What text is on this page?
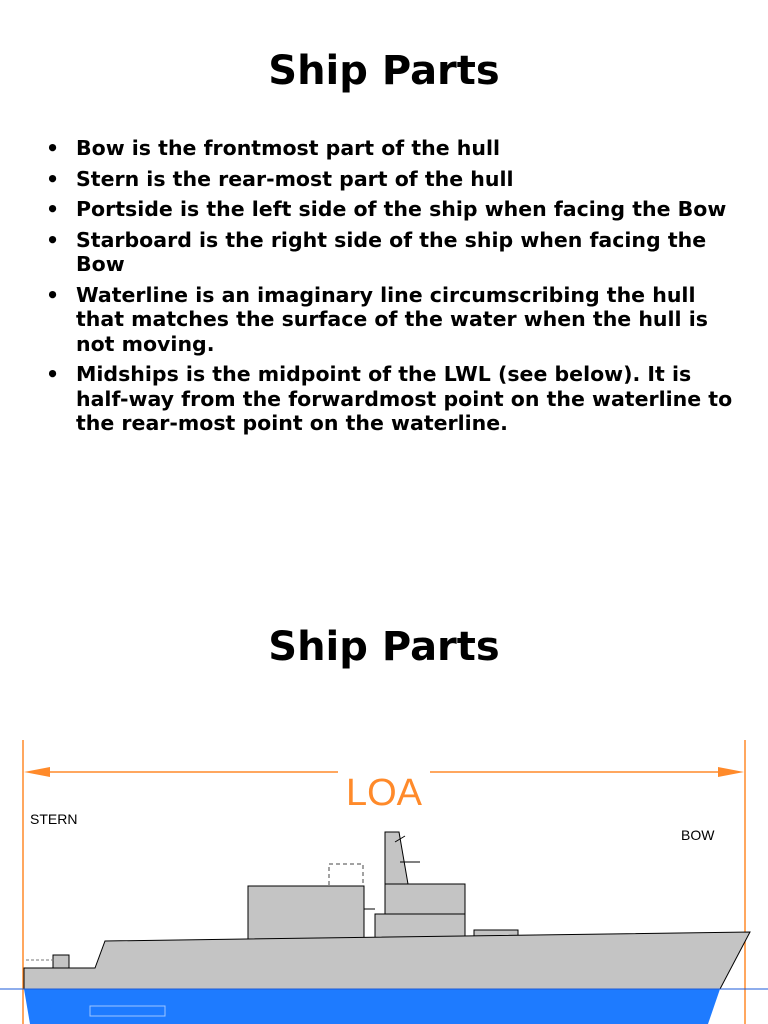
Ship Parts
• Bow is the frontmost part of the hull
• Stern is the rear-most part of the hull
• Portside is the left side of the ship when facing the Bow
• Starboard is the right side of the ship when facing the Bow
• Waterline is an imaginary line circumscribing the hull that matches the surface of the water when the hull is not moving.
• Midships is the midpoint of the LWL (see below). It is half-way from the forwardmost point on the waterline to the rear-most point on the waterline.
Ship Parts
LOA
STERN
BOW
